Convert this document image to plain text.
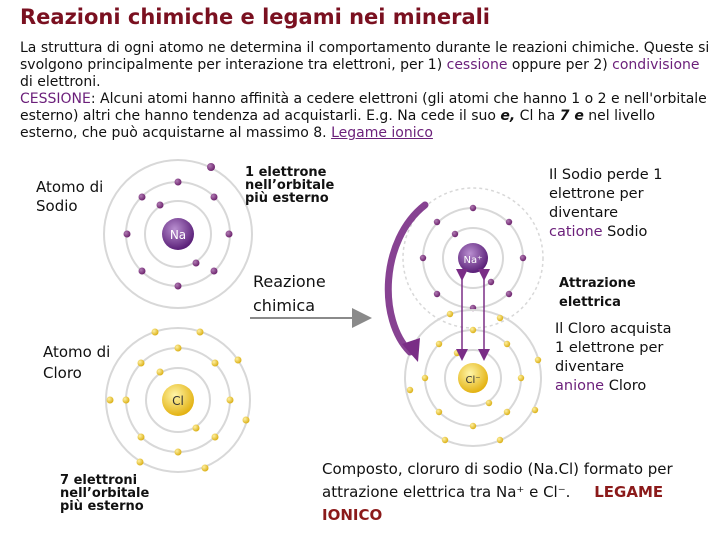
Reazioni chimiche e legami nei minerali
La struttura di ogni atomo ne determina il comportamento durante le reazioni chimiche. Queste si svolgono principalmente per interazione tra elettroni, per 1) cessione oppure per 2) condivisione di elettroni.
CESSIONE: Alcuni atomi hanno affinità a cedere elettroni (gli atomi che hanno 1 o 2 e nell'orbitale esterno) altri che hanno tendenza ad acquistarli. E.g. Na cede il suo e, Cl ha 7 e nel livello esterno, che può acquistarne al massimo 8. Legame ionico
Na
Cl
Na⁺
Cl⁻
Atomo di Sodio
1 elettrone nell’orbitale più esterno
Reazione chimica
Atomo di Cloro
7 elettroni nell’orbitale più esterno
Il Sodio perde 1 elettrone per diventare catione Sodio
Attrazione elettrica
Il Cloro acquista 1 elettrone per diventare anione Cloro
Composto, cloruro di sodio (Na.Cl) formato per attrazione elettrica tra Na⁺ e Cl⁻. LEGAME IONICO
